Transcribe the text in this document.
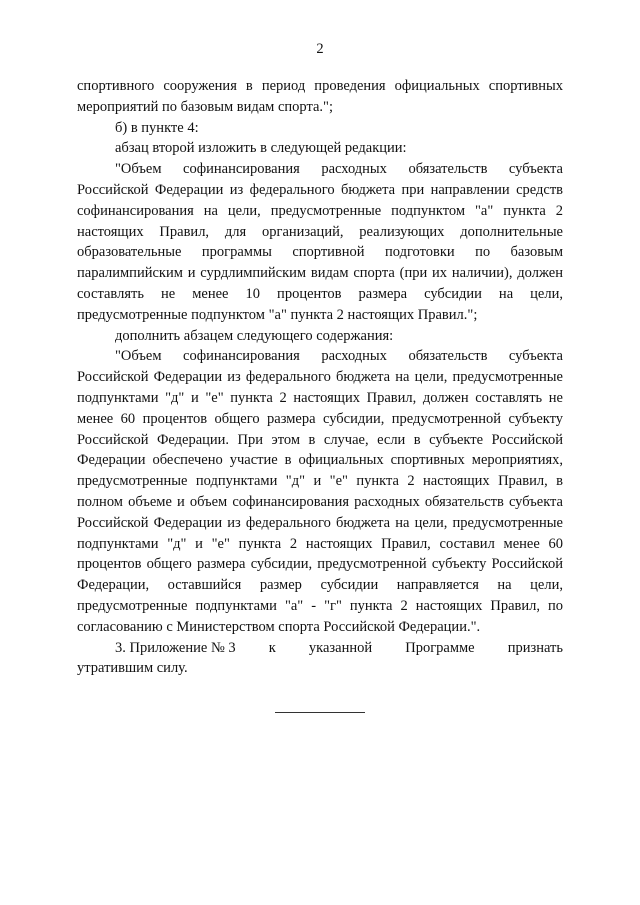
2

спортивного сооружения в период проведения официальных спортивных мероприятий по базовым видам спорта.";

б) в пункте 4:

абзац второй изложить в следующей редакции:

"Объем софинансирования расходных обязательств субъекта Российской Федерации из федерального бюджета при направлении средств софинансирования на цели, предусмотренные подпунктом "а" пункта 2 настоящих Правил, для организаций, реализующих дополнительные образовательные программы спортивной подготовки по базовым паралимпийским и сурдлимпийским видам спорта (при их наличии), должен составлять не менее 10 процентов размера субсидии на цели, предусмотренные подпунктом "а" пункта 2 настоящих Правил.";

дополнить абзацем следующего содержания:

"Объем софинансирования расходных обязательств субъекта Российской Федерации из федерального бюджета на цели, предусмотренные подпунктами "д" и "е" пункта 2 настоящих Правил, должен составлять не менее 60 процентов общего размера субсидии, предусмотренной субъекту Российской Федерации. При этом в случае, если в субъекте Российской Федерации обеспечено участие в официальных спортивных мероприятиях, предусмотренные подпунктами "д" и "е" пункта 2 настоящих Правил, в полном объеме и объем софинансирования расходных обязательств субъекта Российской Федерации из федерального бюджета на цели, предусмотренные подпунктами "д" и "е" пункта 2 настоящих Правил, составил менее 60 процентов общего размера субсидии, предусмотренной субъекту Российской Федерации, оставшийся размер субсидии направляется на цели, предусмотренные подпунктами "а" - "г" пункта 2 настоящих Правил, по согласованию с Министерством спорта Российской Федерации.".

3. Приложение № 3 к указанной Программе признать

утратившим силу.
